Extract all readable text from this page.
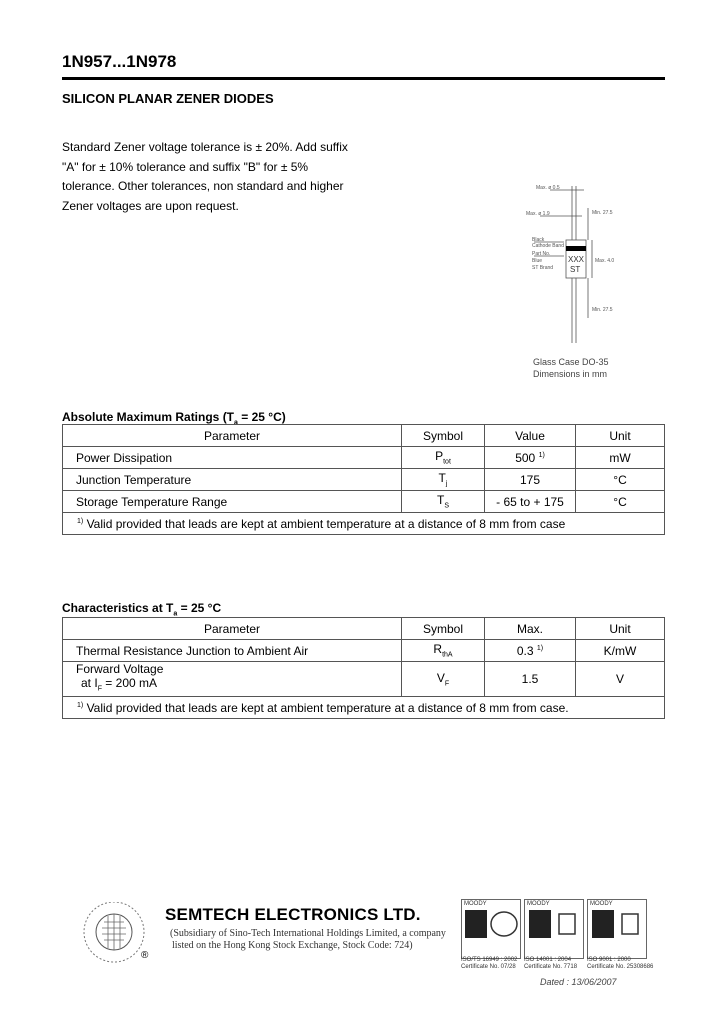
1N957...1N978
SILICON PLANAR ZENER DIODES
Standard Zener voltage tolerance is ± 20%. Add suffix
"A" for ± 10% tolerance and suffix "B" for ± 5%
tolerance. Other tolerances, non standard and higher
Zener voltages are upon request.
Max. ø 0.5
Max. ø 1.9	Min. 27.5
Max. 4.0
Min. 27.5
Black
Cathode Band
Part No.
Blue
ST Brand
XXX
ST
Glass Case DO-35
Dimensions in mm
Absolute Maximum Ratings ($T_a = 25$ °C)
Parameter	Symbol	Value	Unit
Power Dissipation	$P_{tot}$	500 $^{1)}$	mW
Junction Temperature	$T_j$	175	°C
Storage Temperature Range	$T_S$	- 65 to + 175	°C
$^{1)}$ Valid provided that leads are kept at ambient temperature at a distance of 8 mm from case			
Characteristics at $T_a = 25$ °C
Parameter	Symbol	Max.	Unit
Thermal Resistance Junction to Ambient Air	$R_{thA}$	0.3 $^{1)}$	K/mW

Forward Voltage
at $I_F = 200$ mA	$V_F$	1.5	V
$^{1)}$ Valid provided that leads are kept at ambient temperature at a distance of 8 mm from case.			
®
SEMTECH ELECTRONICS LTD.
(Subsidiary of Sino-Tech International Holdings Limited, a company
listed on the Hong Kong Stock Exchange, Stock Code: 724)
MOODY
ISO/TS 16949 : 2002
Certificate No. 07/28
MOODY
ISO 14001 : 2004
Certificate No. 7718
MOODY
ISO 9001 : 2000
Certificate No. 25308686
Dated : 13/06/2007
